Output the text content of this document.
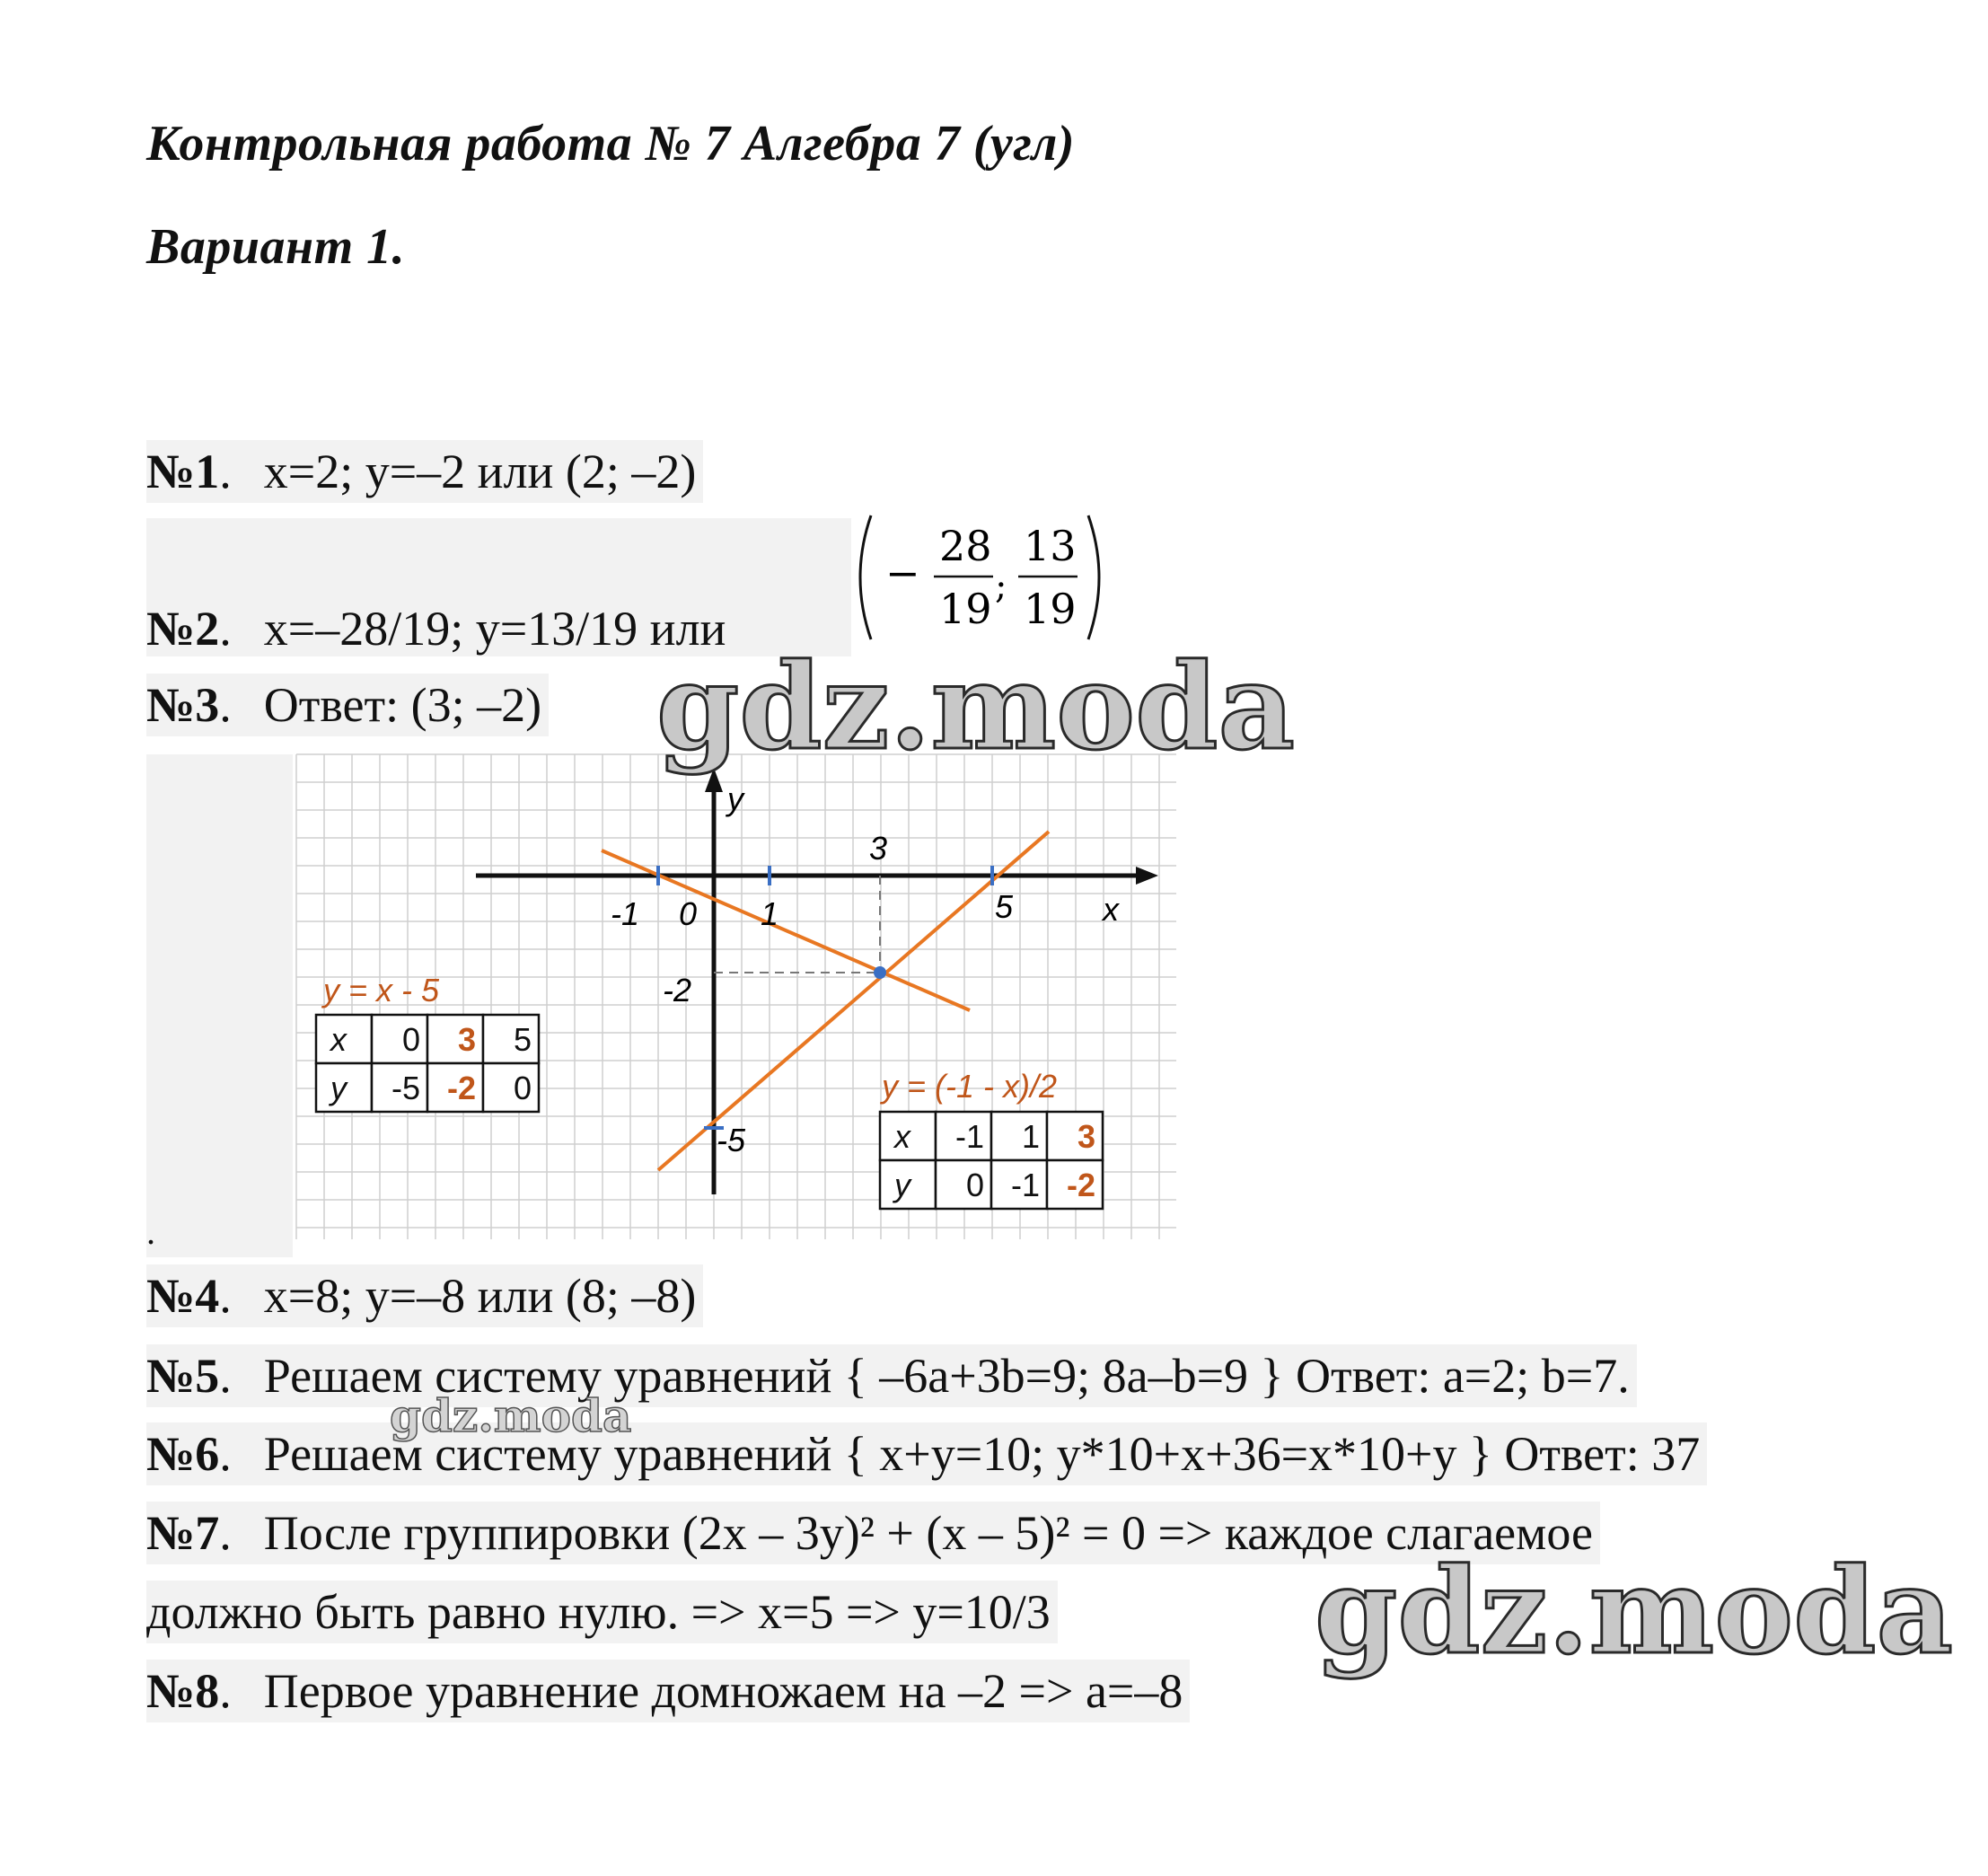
Контрольная работа № 7 Алгебра 7 (угл)
Вариант 1.
№1. x=2; y=–2 или (2; –2)
№2. x=–28/19; y=13/19 или
−
28
19 ;
13
19
№3. Ответ: (3; –2)
y
x
3
-1 0 1	5
-2
-5
y = x - 5
x 0 3 5
y -5 -2 0	y = (-1 - x)/2
x -1 1 3
y 0 -1 -2
.
№4. x=8; y=–8 или (8; –8)
№5. Решаем систему уравнений { –6a+3b=9; 8a–b=9 } Ответ: a=2; b=7.
№6. Решаем систему уравнений { x+y=10; y*10+x+36=x*10+y } Ответ: 37
№7. После группировки (2x – 3y)² + (x – 5)² = 0 => каждое слагаемое
должно быть равно нулю. => x=5 => y=10/3
№8. Первое уравнение домножаем на –2 => a=–8
gdz.moda
gdz.moda
gdz.moda
